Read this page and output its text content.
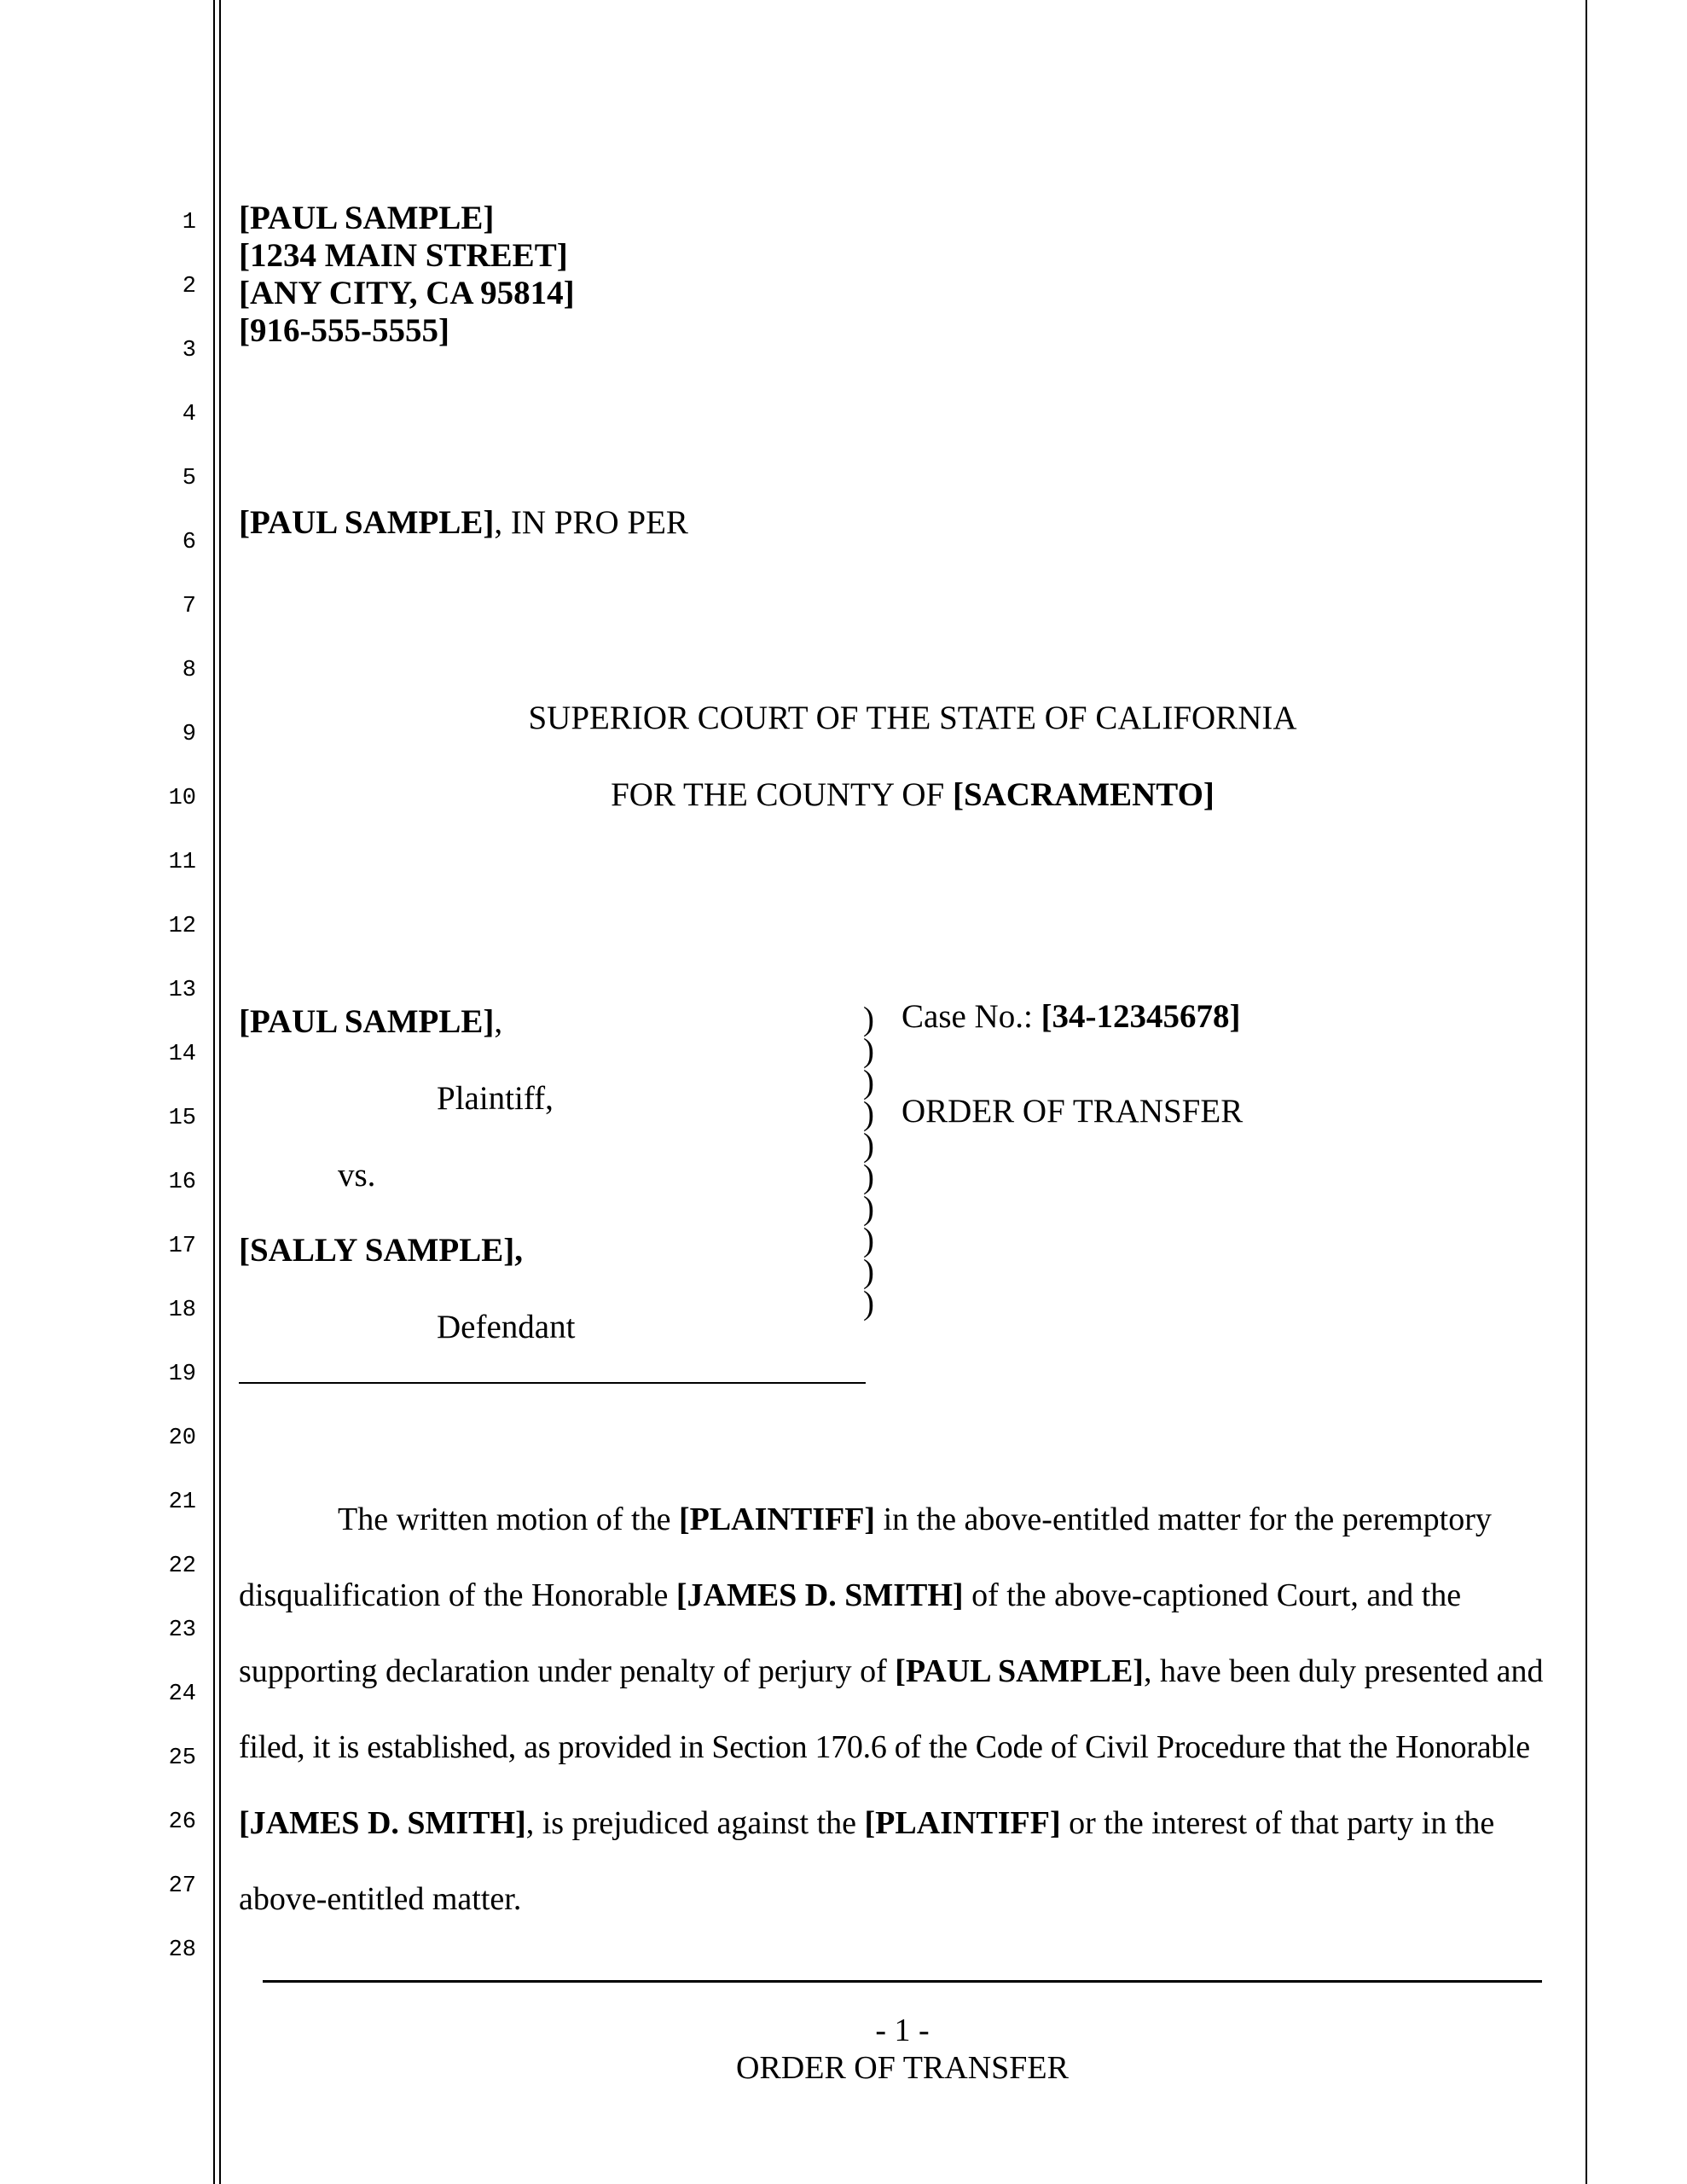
1
2
3
4
5
6
7
8
9
10
11
12
13
14
15
16
17
18
19
20
21
22
23
24
25
26
27
28
[PAUL SAMPLE]
[1234 MAIN STREET]
[ANY CITY, CA 95814]
[916-555-5555]
[PAUL SAMPLE], IN PRO PER
SUPERIOR COURT OF THE STATE OF CALIFORNIA
FOR THE COUNTY OF [SACRAMENTO]
[PAUL SAMPLE],
Plaintiff,
vs.
[SALLY SAMPLE],
Defendant
)
)
)
)
)
)
)
)
)
)
Case No.: [34-12345678]
ORDER OF TRANSFER
The written motion of the [PLAINTIFF] in the above-entitled matter for the peremptory
disqualification of the Honorable [JAMES D. SMITH] of the above-captioned Court, and the
supporting declaration under penalty of perjury of [PAUL SAMPLE], have been duly presented and
filed, it is established, as provided in Section 170.6 of the Code of Civil Procedure that the Honorable
[JAMES D. SMITH], is prejudiced against the [PLAINTIFF] or the interest of that party in the
above-entitled matter.
- 1 -
ORDER OF TRANSFER
